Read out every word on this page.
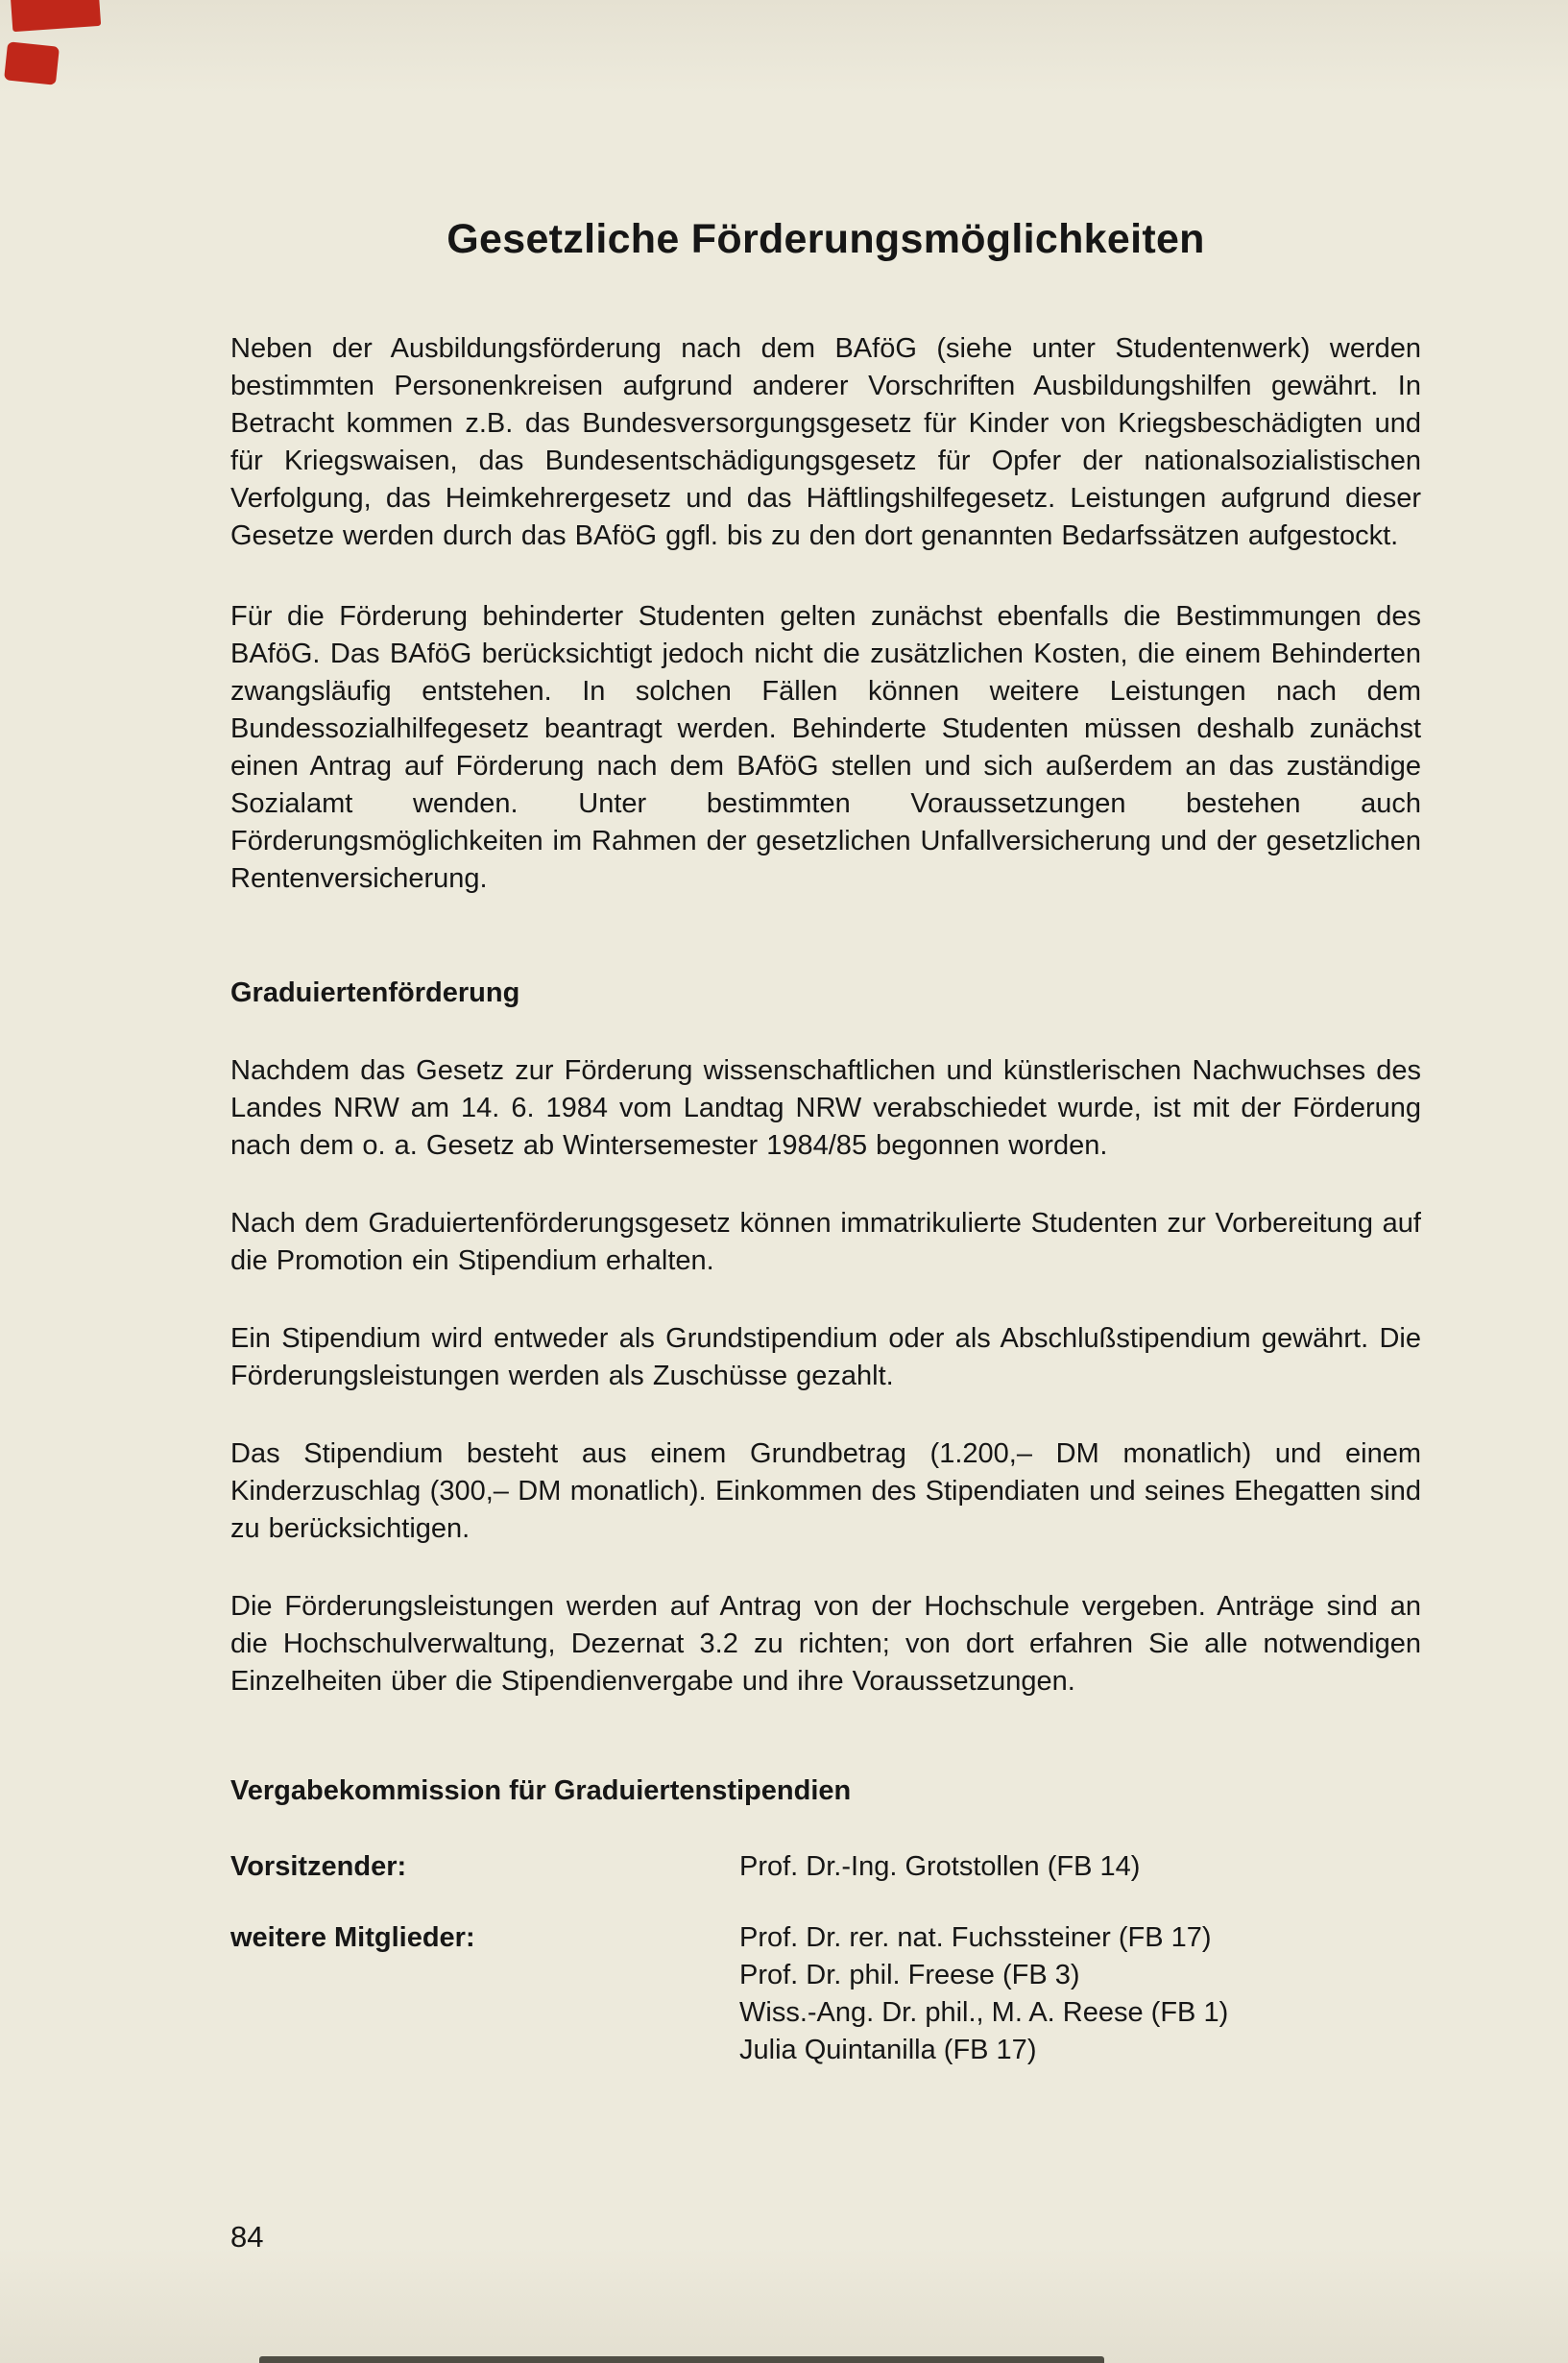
Gesetzliche Förderungsmöglichkeiten

Neben der Ausbildungsförderung nach dem BAföG (siehe unter Studentenwerk) werden bestimmten Personenkreisen aufgrund anderer Vorschriften Ausbildungshilfen gewährt. In Betracht kommen z.B. das Bundesversorgungsgesetz für Kinder von Kriegsbeschädigten und für Kriegswaisen, das Bundesentschädigungsgesetz für Opfer der nationalsozialistischen Verfolgung, das Heimkehrergesetz und das Häftlingshilfegesetz. Leistungen aufgrund dieser Gesetze werden durch das BAföG ggfl. bis zu den dort genannten Bedarfssätzen aufgestockt.

Für die Förderung behinderter Studenten gelten zunächst ebenfalls die Bestimmungen des BAföG. Das BAföG berücksichtigt jedoch nicht die zusätzlichen Kosten, die einem Behinderten zwangsläufig entstehen. In solchen Fällen können weitere Leistungen nach dem Bundessozialhilfegesetz beantragt werden. Behinderte Studenten müssen deshalb zunächst einen Antrag auf Förderung nach dem BAföG stellen und sich außerdem an das zuständige Sozialamt wenden. Unter bestimmten Voraussetzungen bestehen auch Förderungsmöglichkeiten im Rahmen der gesetzlichen Unfallversicherung und der gesetzlichen Rentenversicherung.

Graduiertenförderung

Nachdem das Gesetz zur Förderung wissenschaftlichen und künstlerischen Nachwuchses des Landes NRW am 14. 6. 1984 vom Landtag NRW verabschiedet wurde, ist mit der Förderung nach dem o. a. Gesetz ab Wintersemester 1984/85 begonnen worden.

Nach dem Graduiertenförderungsgesetz können immatrikulierte Studenten zur Vorbereitung auf die Promotion ein Stipendium erhalten.

Ein Stipendium wird entweder als Grundstipendium oder als Abschlußstipendium gewährt. Die Förderungsleistungen werden als Zuschüsse gezahlt.

Das Stipendium besteht aus einem Grundbetrag (1.200,– DM monatlich) und einem Kinderzuschlag (300,– DM monatlich). Einkommen des Stipendiaten und seines Ehegatten sind zu berücksichtigen.

Die Förderungsleistungen werden auf Antrag von der Hochschule vergeben. Anträge sind an die Hochschulverwaltung, Dezernat 3.2 zu richten; von dort erfahren Sie alle notwendigen Einzelheiten über die Stipendienvergabe und ihre Voraussetzungen.

Vergabekommission für Graduiertenstipendien
Vorsitzender:	Prof. Dr.-Ing. Grotstollen (FB 14)
weitere Mitglieder:	Prof. Dr. rer. nat. Fuchssteiner (FB 17)
Prof. Dr. phil. Freese (FB 3)
Wiss.-Ang. Dr. phil., M. A. Reese (FB 1)
Julia Quintanilla (FB 17)
84
